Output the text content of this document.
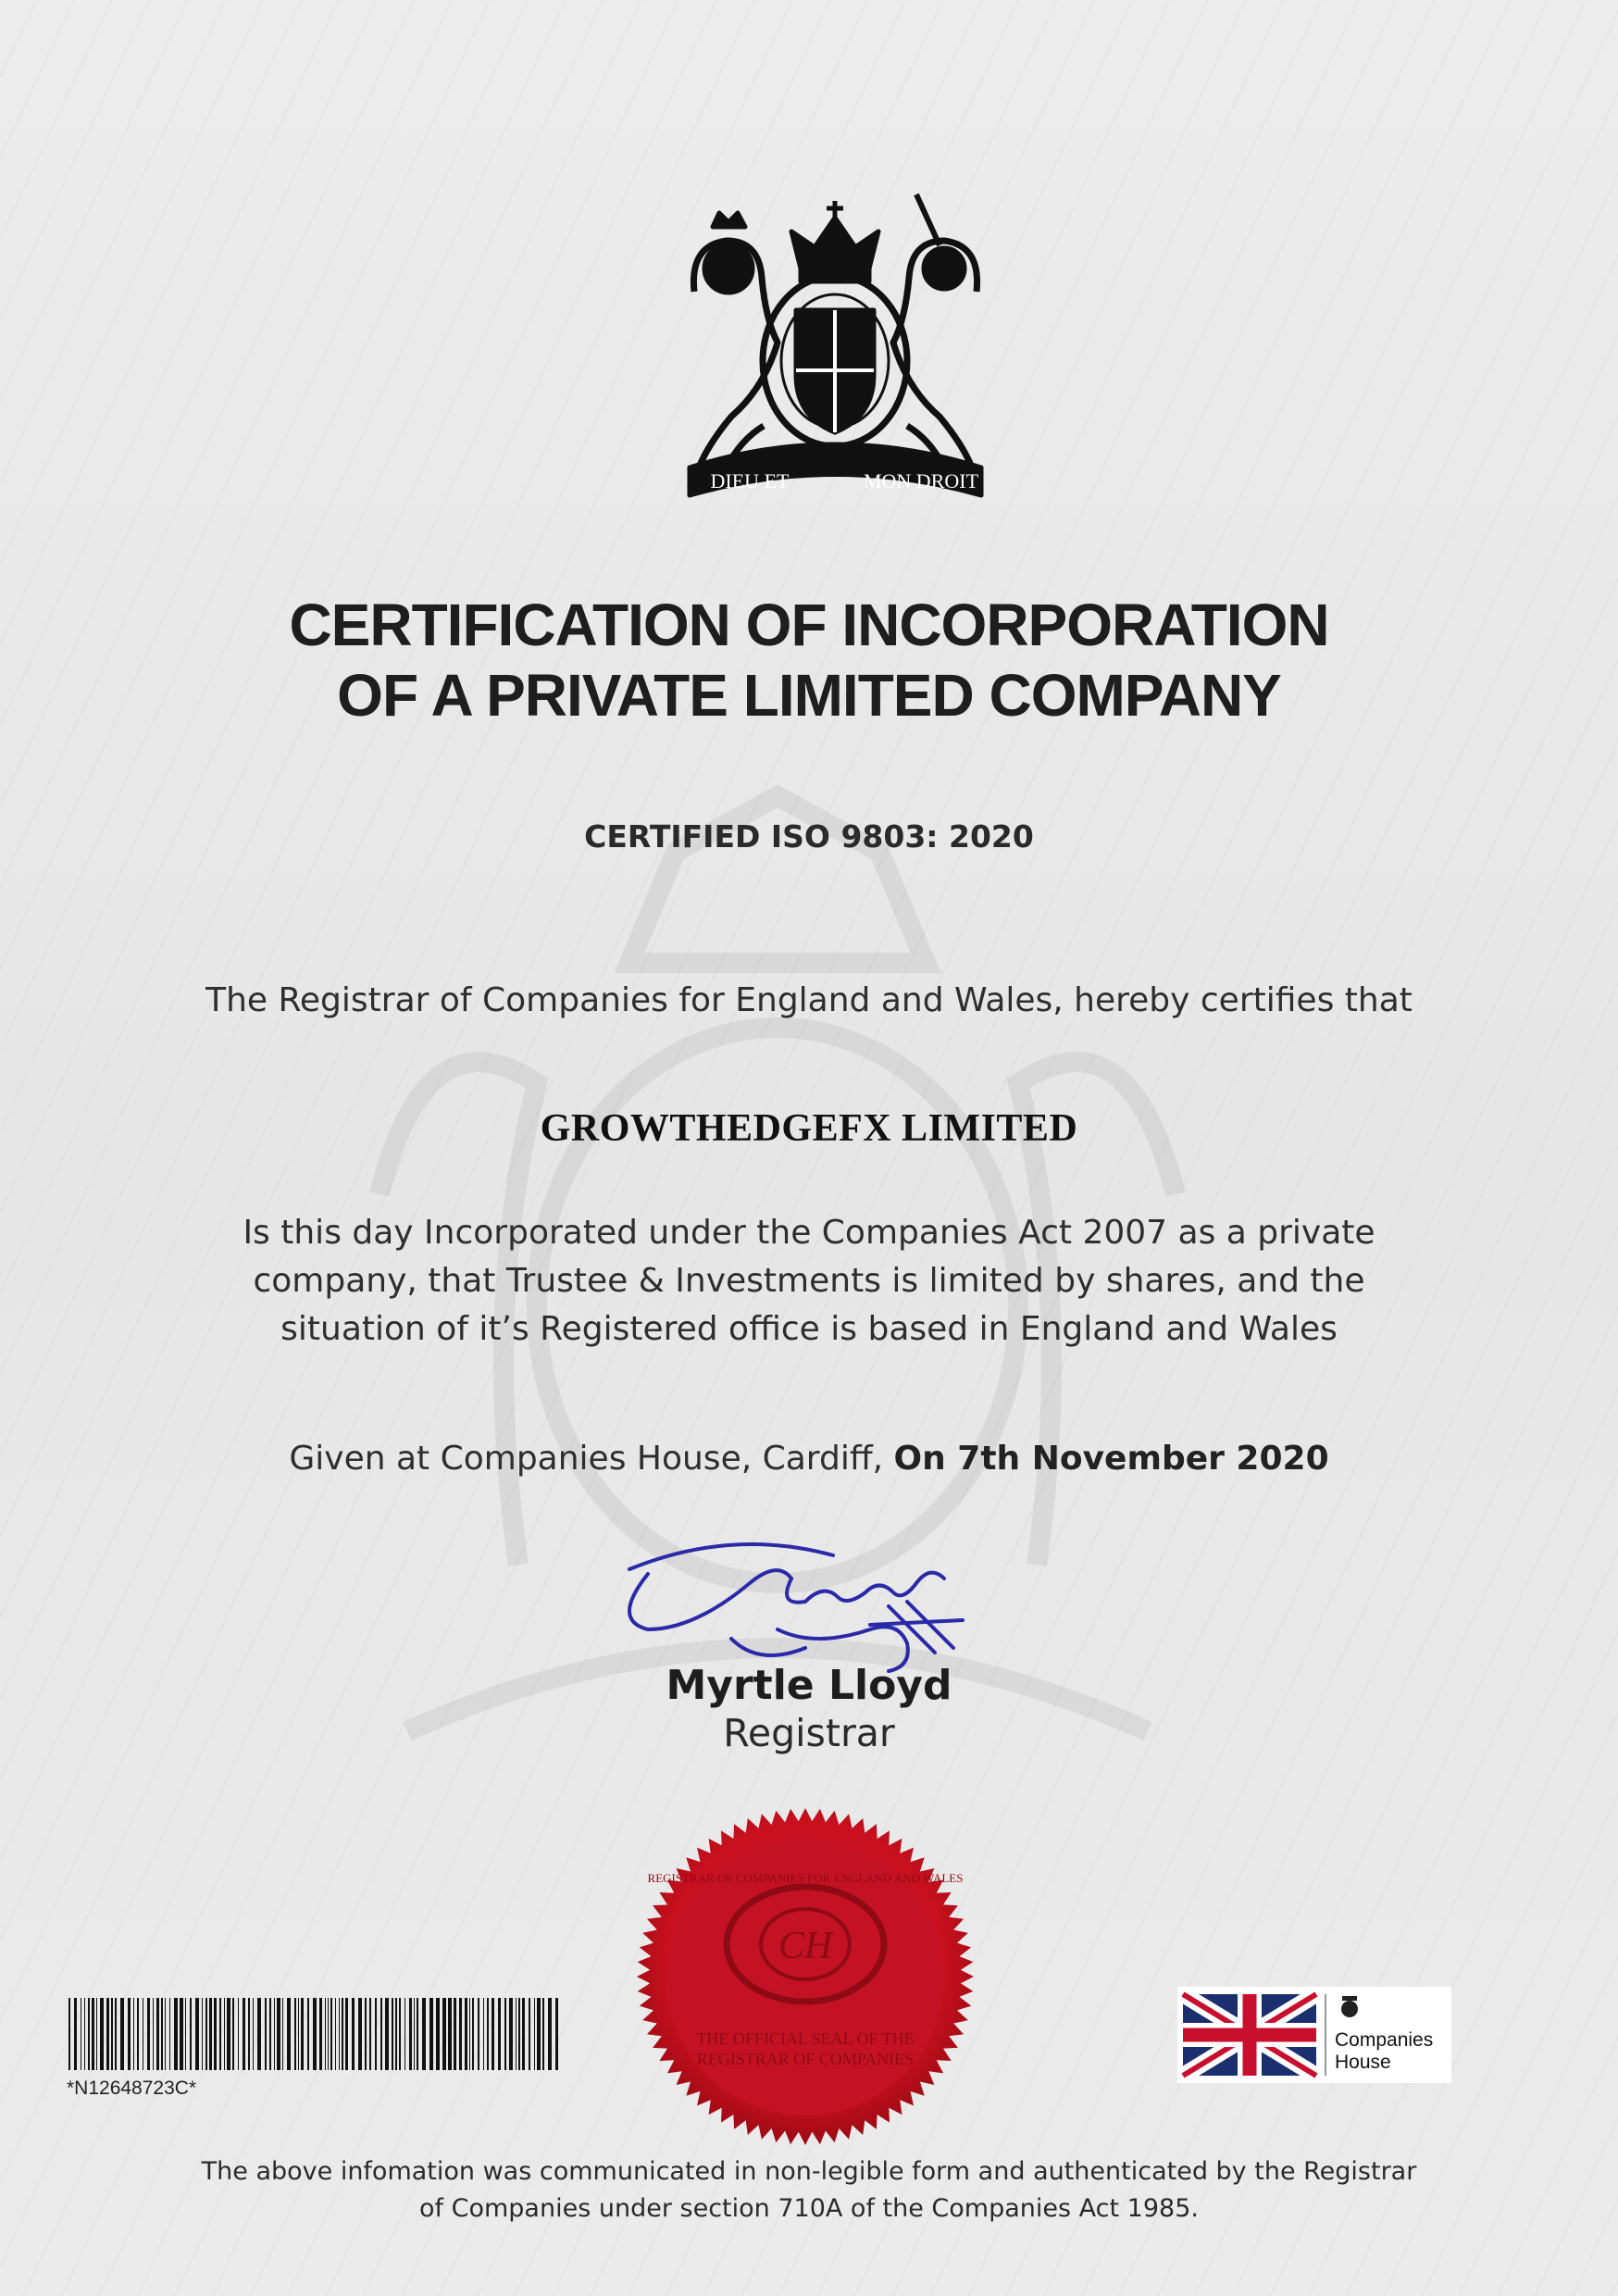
DIEU ET	MON DROIT
CERTIFICATION OF INCORPORATION
OF A PRIVATE LIMITED COMPANY
CERTIFIED ISO 9803: 2020
The Registrar of Companies for England and Wales, hereby certifies that
GROWTHEDGEFX LIMITED
Is this day Incorporated under the Companies Act 2007 as a private
company, that Trustee & Investments is limited by shares, and the
situation of it’s Registered office is based in England and Wales
Given at Companies House, Cardiff, On 7th November 2020
Myrtle Lloyd
Registrar
CH
REGISTRAR OF COMPANIES FOR ENGLAND AND WALES
THE OFFICIAL SEAL OF THE
REGISTRAR OF COMPANIES
*N12648723C*
Companies
House
The above infomation was communicated in non-legible form and authenticated by the Registrar
of Companies under section 710A of the Companies Act 1985.
